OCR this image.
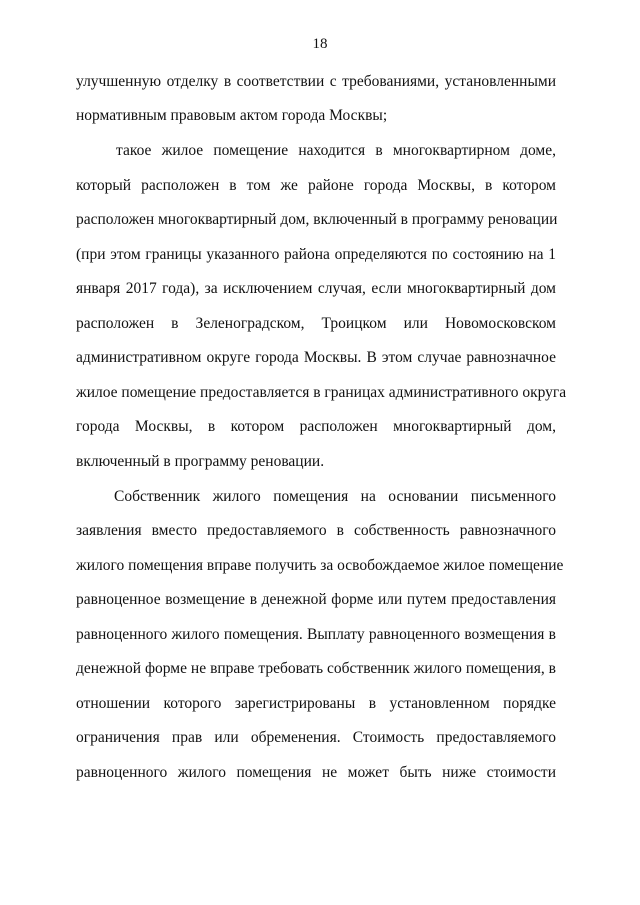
18
улучшенную отделку в соответствии с требованиями, установленными
нормативным правовым актом города Москвы;
такое жилое помещение находится в многоквартирном доме,
который расположен в том же районе города Москвы, в котором
расположен многоквартирный дом, включенный в программу реновации
(при этом границы указанного района определяются по состоянию на 1
января 2017 года), за исключением случая, если многоквартирный дом
расположен в Зеленоградском, Троицком или Новомосковском
административном округе города Москвы. В этом случае равнозначное
жилое помещение предоставляется в границах административного округа
города Москвы, в котором расположен многоквартирный дом,
включенный в программу реновации.
Собственник жилого помещения на основании письменного
заявления вместо предоставляемого в собственность равнозначного
жилого помещения вправе получить за освобождаемое жилое помещение
равноценное возмещение в денежной форме или путем предоставления
равноценного жилого помещения. Выплату равноценного возмещения в
денежной форме не вправе требовать собственник жилого помещения, в
отношении которого зарегистрированы в установленном порядке
ограничения прав или обременения. Стоимость предоставляемого
равноценного жилого помещения не может быть ниже стоимости
